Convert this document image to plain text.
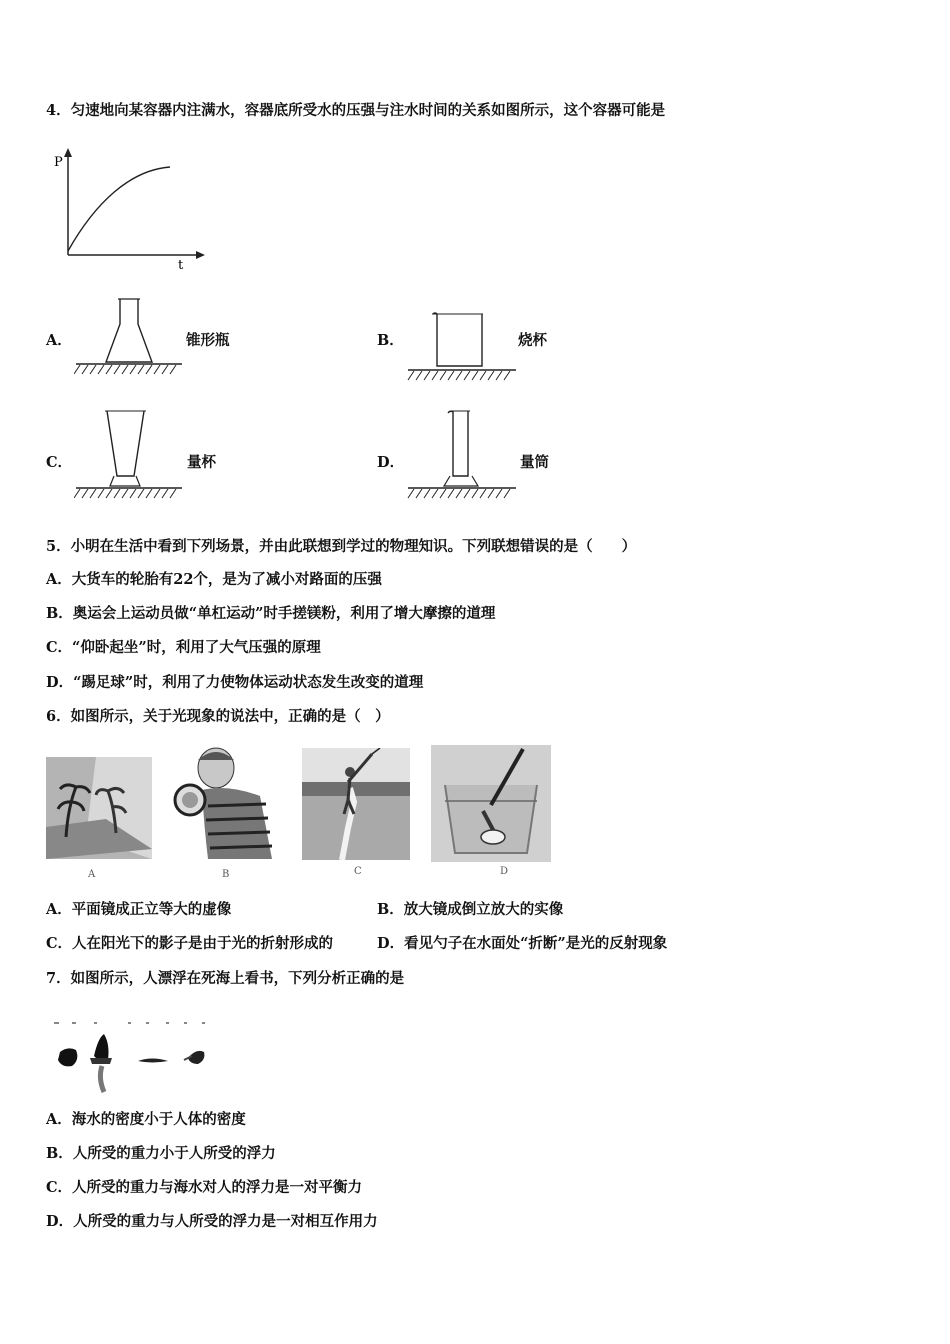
4．匀速地向某容器内注满水，容器底所受水的压强与注水时间的关系如图所示，这个容器可能是
P
t
A．	锥形瓶	B．	烧杯
C．	量杯	D．	量筒
5．小明在生活中看到下列场景，并由此联想到学过的物理知识。下列联想错误的是（　　）
A．大货车的轮胎有22个，是为了减小对路面的压强
B．奥运会上运动员做“单杠运动”时手搓镁粉，利用了增大摩擦的道理
C．“仰卧起坐”时，利用了大气压强的原理
D．“踢足球”时，利用了力使物体运动状态发生改变的道理
6．如图所示，关于光现象的说法中，正确的是（　）
A	B	C	D
A．平面镜成正立等大的虚像	B．放大镜成倒立放大的实像
C．人在阳光下的影子是由于光的折射形成的	D．看见勺子在水面处“折断”是光的反射现象
7．如图所示，人漂浮在死海上看书，下列分析正确的是
A．海水的密度小于人体的密度
B．人所受的重力小于人所受的浮力
C．人所受的重力与海水对人的浮力是一对平衡力
D．人所受的重力与人所受的浮力是一对相互作用力
